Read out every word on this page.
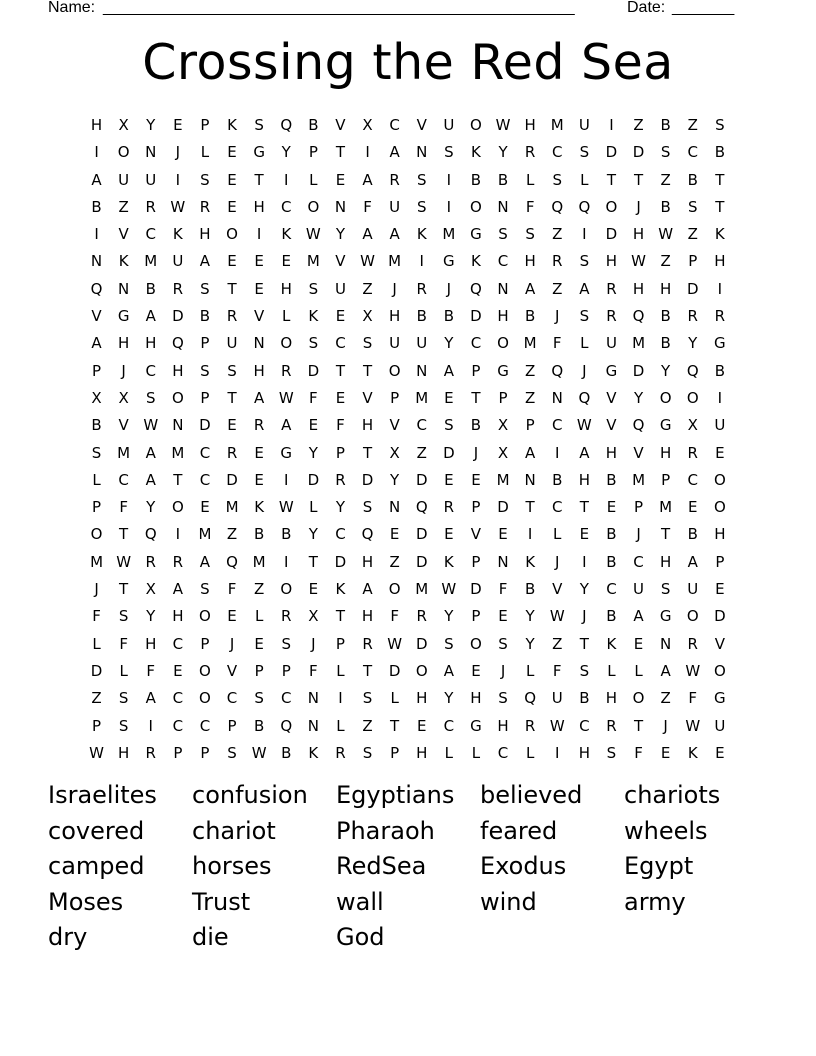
Name: _____________________________________________________	Date: _______
Crossing the Red Sea
H	X	Y	E	P	K	S	Q	B	V	X	C	V	U	O W H M	U	I	Z	B	Z	S
I	O	N	J	L	E	G	Y	P	T	I	A	N	S	K	Y	R	C	S	D	D	S	C	B
A	U	U	I	S	E	T	I	L	E	A	R	S	I	B	B	L	S	L	T	T	Z	B	T
B	Z	R W R	E	H	C	O	N	F	U	S	I	O	N	F	Q	Q	O	J	B	S	T
I	V	C	K	H	O	I	K W	Y	A	A	K	M G	S	S	Z	I	D	H W Z	K
N	K	M	U	A	E	E	E	M	V W M	I	G	K	C	H	R	S	H W Z	P	H
Q	N	B	R	S	T	E	H	S	U	Z	J	R	J	Q	N	A	Z	A	R	H	H	D	I
V	G	A	D	B	R	V	L	K	E	X	H	B	B	D	H	B	J	S	R	Q	B	R	R
A	H	H	Q	P	U	N	O	S	C	S	U	U	Y	C	O M	F	L	U	M	B	Y	G
P	J	C	H	S	S	H	R	D	T	T	O	N	A	P	G	Z	Q	J	G	D	Y	Q	B
X	X	S	O	P	T	A W	F	E	V	P	M	E	T	P	Z	N	Q	V	Y	O	O	I
B	V W N	D	E	R	A	E	F	H	V	C	S	B	X	P	C W V	Q	G	X	U
S	M	A	M	C	R	E	G	Y	P	T	X	Z	D	J	X	A	I	A	H	V	H	R	E
L	C	A	T	C	D	E	I	D	R	D	Y	D	E	E	M	N	B	H	B	M	P	C	O
P	F	Y	O	E	M	K W	L	Y	S	N	Q	R	P	D	T	C	T	E	P	M	E	O
O	T	Q	I	M	Z	B	B	Y	C	Q	E	D	E	V	E	I	L	E	B	J	T	B	H
M W R	R	A	Q M	I	T	D	H	Z	D	K	P	N	K	J	I	B	C	H	A	P
J	T	X	A	S	F	Z	O	E	K	A	O M W D	F	B	V	Y	C	U	S	U	E
F	S	Y	H	O	E	L	R	X	T	H	F	R	Y	P	E	Y	W	J	B	A	G	O	D
L	F	H	C	P	J	E	S	J	P	R W D	S	O	S	Y	Z	T	K	E	N	R	V
D	L	F	E	O	V	P	P	F	L	T	D	O	A	E	J	L	F	S	L	L	A W O
Z	S	A	C	O	C	S	C	N	I	S	L	H	Y	H	S	Q	U	B	H	O	Z	F	G
P	S	I	C	C	P	B	Q	N	L	Z	T	E	C	G	H	R W C	R	T	J	W U
W H	R	P	P	S W B	K	R	S	P	H	L	L	C	L	I	H	S	F	E	K	E
Israelites confusion Egyptians believed chariots
covered chariot	Pharaoh feared	wheels
camped horses	RedSea Exodus Egypt
Moses	Trust	wall	wind	army
dry	die	God
